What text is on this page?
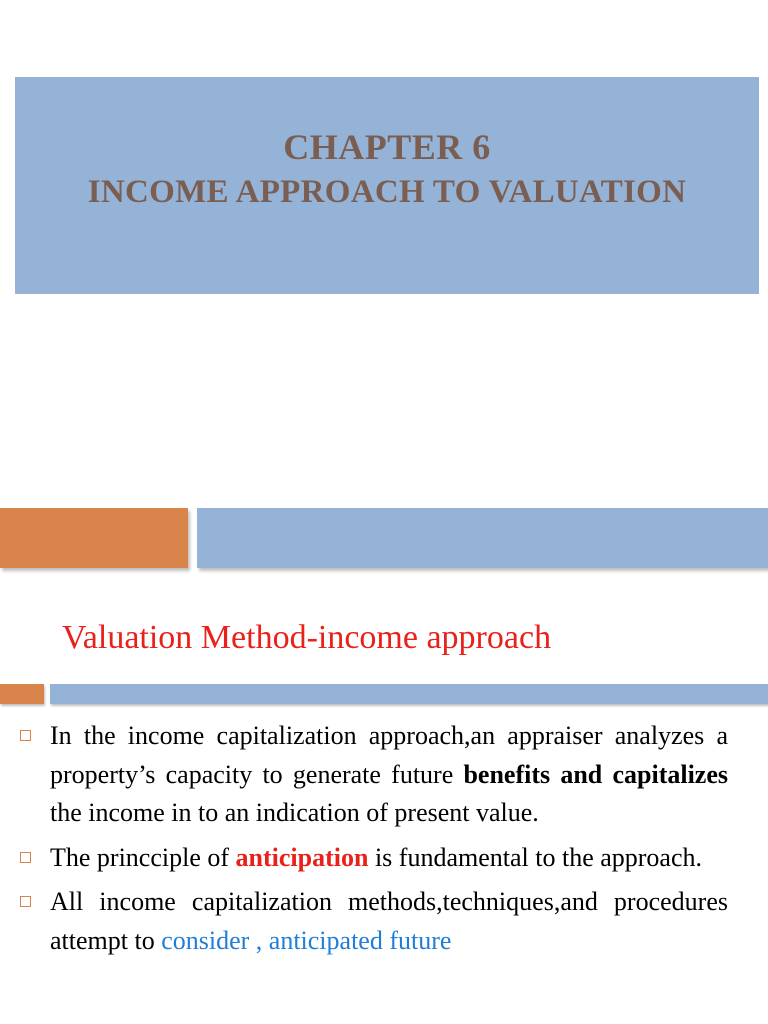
CHAPTER 6
INCOME APPROACH TO VALUATION
Valuation Method-income approach
In the income capitalization approach,an appraiser analyzes a property’s capacity to generate future benefits and capitalizes the income in to an indication of present value.
The princciple of anticipation is fundamental to the approach.
All income capitalization methods,techniques,and procedures attempt to consider , anticipated future
